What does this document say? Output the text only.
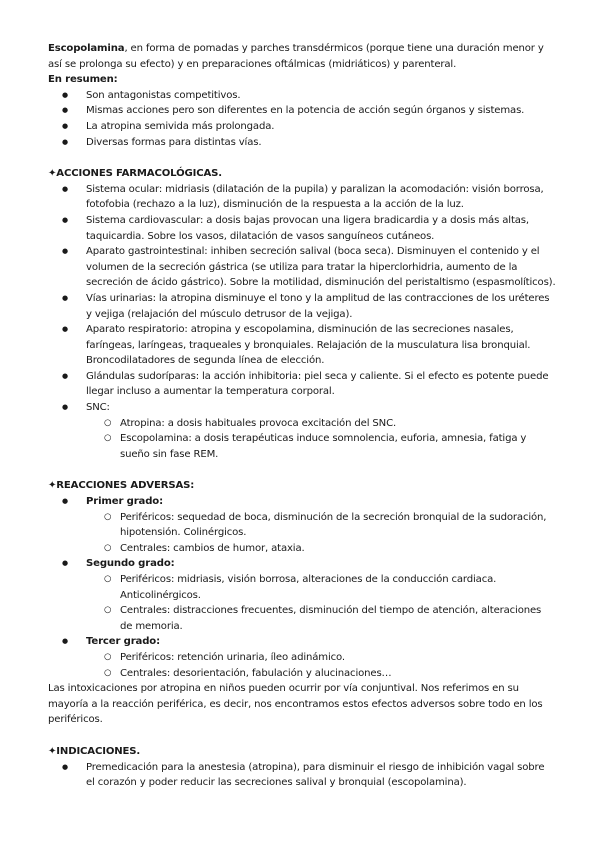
Escopolamina, en forma de pomadas y parches transdérmicos (porque tiene una duración menor y así se prolonga su efecto) y en preparaciones oftálmicas (midriáticos) y parenteral.

En resumen:

● Son antagonistas competitivos.
● Mismas acciones pero son diferentes en la potencia de acción según órganos y sistemas.
● La atropina semivida más prolongada.
● Diversas formas para distintas vías.

✦ACCIONES FARMACOLÓGICAS.

● Sistema ocular: midriasis (dilatación de la pupila) y paralizan la acomodación: visión borrosa, fotofobia (rechazo a la luz), disminución de la respuesta a la acción de la luz.
● Sistema cardiovascular: a dosis bajas provocan una ligera bradicardia y a dosis más altas, taquicardia. Sobre los vasos, dilatación de vasos sanguíneos cutáneos.
● Aparato gastrointestinal: inhiben secreción salival (boca seca). Disminuyen el contenido y el volumen de la secreción gástrica (se utiliza para tratar la hiperclorhidria, aumento de la secreción de ácido gástrico). Sobre la motilidad, disminución del peristaltismo (espasmolíticos).
● Vías urinarias: la atropina disminuye el tono y la amplitud de las contracciones de los uréteres y vejiga (relajación del músculo detrusor de la vejiga).
● Aparato respiratorio: atropina y escopolamina, disminución de las secreciones nasales, faríngeas, laríngeas, traqueales y bronquiales. Relajación de la musculatura lisa bronquial. Broncodilatadores de segunda línea de elección.
● Glándulas sudoríparas: la acción inhibitoria: piel seca y caliente. Si el efecto es potente puede llegar incluso a aumentar la temperatura corporal.
● SNC:
○ Atropina: a dosis habituales provoca excitación del SNC.
○ Escopolamina: a dosis terapéuticas induce somnolencia, euforia, amnesia, fatiga y sueño sin fase REM.

✦REACCIONES ADVERSAS:

● Primer grado:
○ Periféricos: sequedad de boca, disminución de la secreción bronquial de la sudoración, hipotensión. Colinérgicos.
○ Centrales: cambios de humor, ataxia.
● Segundo grado:
○ Periféricos: midriasis, visión borrosa, alteraciones de la conducción cardiaca. Anticolinérgicos.
○ Centrales: distracciones frecuentes, disminución del tiempo de atención, alteraciones de memoria.
● Tercer grado:
○ Periféricos: retención urinaria, íleo adinámico.
○ Centrales: desorientación, fabulación y alucinaciones…

Las intoxicaciones por atropina en niños pueden ocurrir por vía conjuntival. Nos referimos en su mayoría a la reacción periférica, es decir, nos encontramos estos efectos adversos sobre todo en los periféricos.

✦INDICACIONES.

● Premedicación para la anestesia (atropina), para disminuir el riesgo de inhibición vagal sobre el corazón y poder reducir las secreciones salival y bronquial (escopolamina).
